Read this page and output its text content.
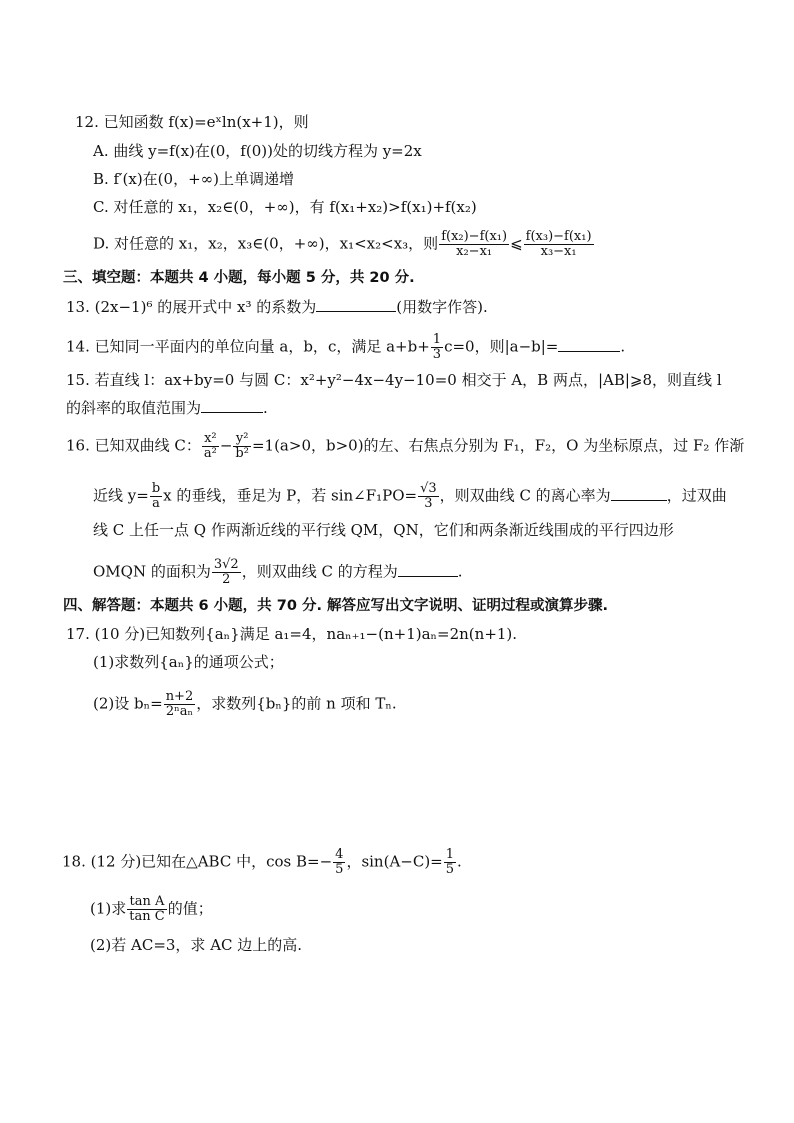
12. 已知函数 f(x)=eˣln(x+1)，则
A. 曲线 y=f(x)在(0，f(0))处的切线方程为 y=2x
B. f′(x)在(0，+∞)上单调递增
C. 对任意的 x₁，x₂∈(0，+∞)，有 f(x₁+x₂)>f(x₁)+f(x₂)
D. 对任意的 x₁，x₂，x₃∈(0，+∞)，x₁<x₂<x₃，则 $\frac{\text{f(x₂)−f(x₁)}}{\text{x₂−x₁}}$ ⩽ $\frac{\text{f(x₃)−f(x₁)}}{\text{x₃−x₁}}$
三、填空题：本题共 4 小题，每小题 5 分，共 20 分.
13. (2x−1)⁶ 的展开式中 x³ 的系数为	(用数字作答).
14. 已知同一平面内的单位向量 a，b，c，满足 $a+b+ \frac{1}{3} c=0$，则|a−b|=	.
15. 若直线 l：ax+by=0 与圆 C：x²+y²−4x−4y−10=0 相交于 A，B 两点，|AB|⩾8，则直线 l
的斜率的取值范围为	.
16. 已知双曲线 C： $\frac{\text{x²}}{\text{a²}} - \frac{\text{y²}}{\text{b²}} =1(a>0$，b>0)的左、右焦点分别为 F₁，F₂，O 为坐标原点，过 F₂ 作渐
近线 $y= \frac{b}{a}$ x 的垂线，垂足为 P，若 sin∠F₁PO= $\frac{√3}{3}$ ，则双曲线 C 的离心率为	，过双曲
线 C 上任一点 Q 作两渐近线的平行线 QM，QN，它们和两条渐近线围成的平行四边形
OMQN 的面积为 $\frac{3√2}{2}$ ，则双曲线 C 的方程为	.
四、解答题：本题共 6 小题，共 70 分. 解答应写出文字说明、证明过程或演算步骤.
17. (10 分)已知数列{aₙ}满足 a₁=4，naₙ₊₁−(n+1)aₙ=2n(n+1).
(1)求数列{aₙ}的通项公式；
(2)设 $b_n= \frac{n+2}{\text{2ⁿaₙ}}$ ，求数列{bₙ}的前 n 项和 Tₙ.
18. (12 分)已知在△ABC 中，$\cos B=- \frac{4}{5}$ ，$\sin(A-C)= \frac{1}{5}$ .
(1)求 $\frac{\text{tan A}}{\text{tan C}}$ 的值；
(2)若 AC=3，求 AC 边上的高.
